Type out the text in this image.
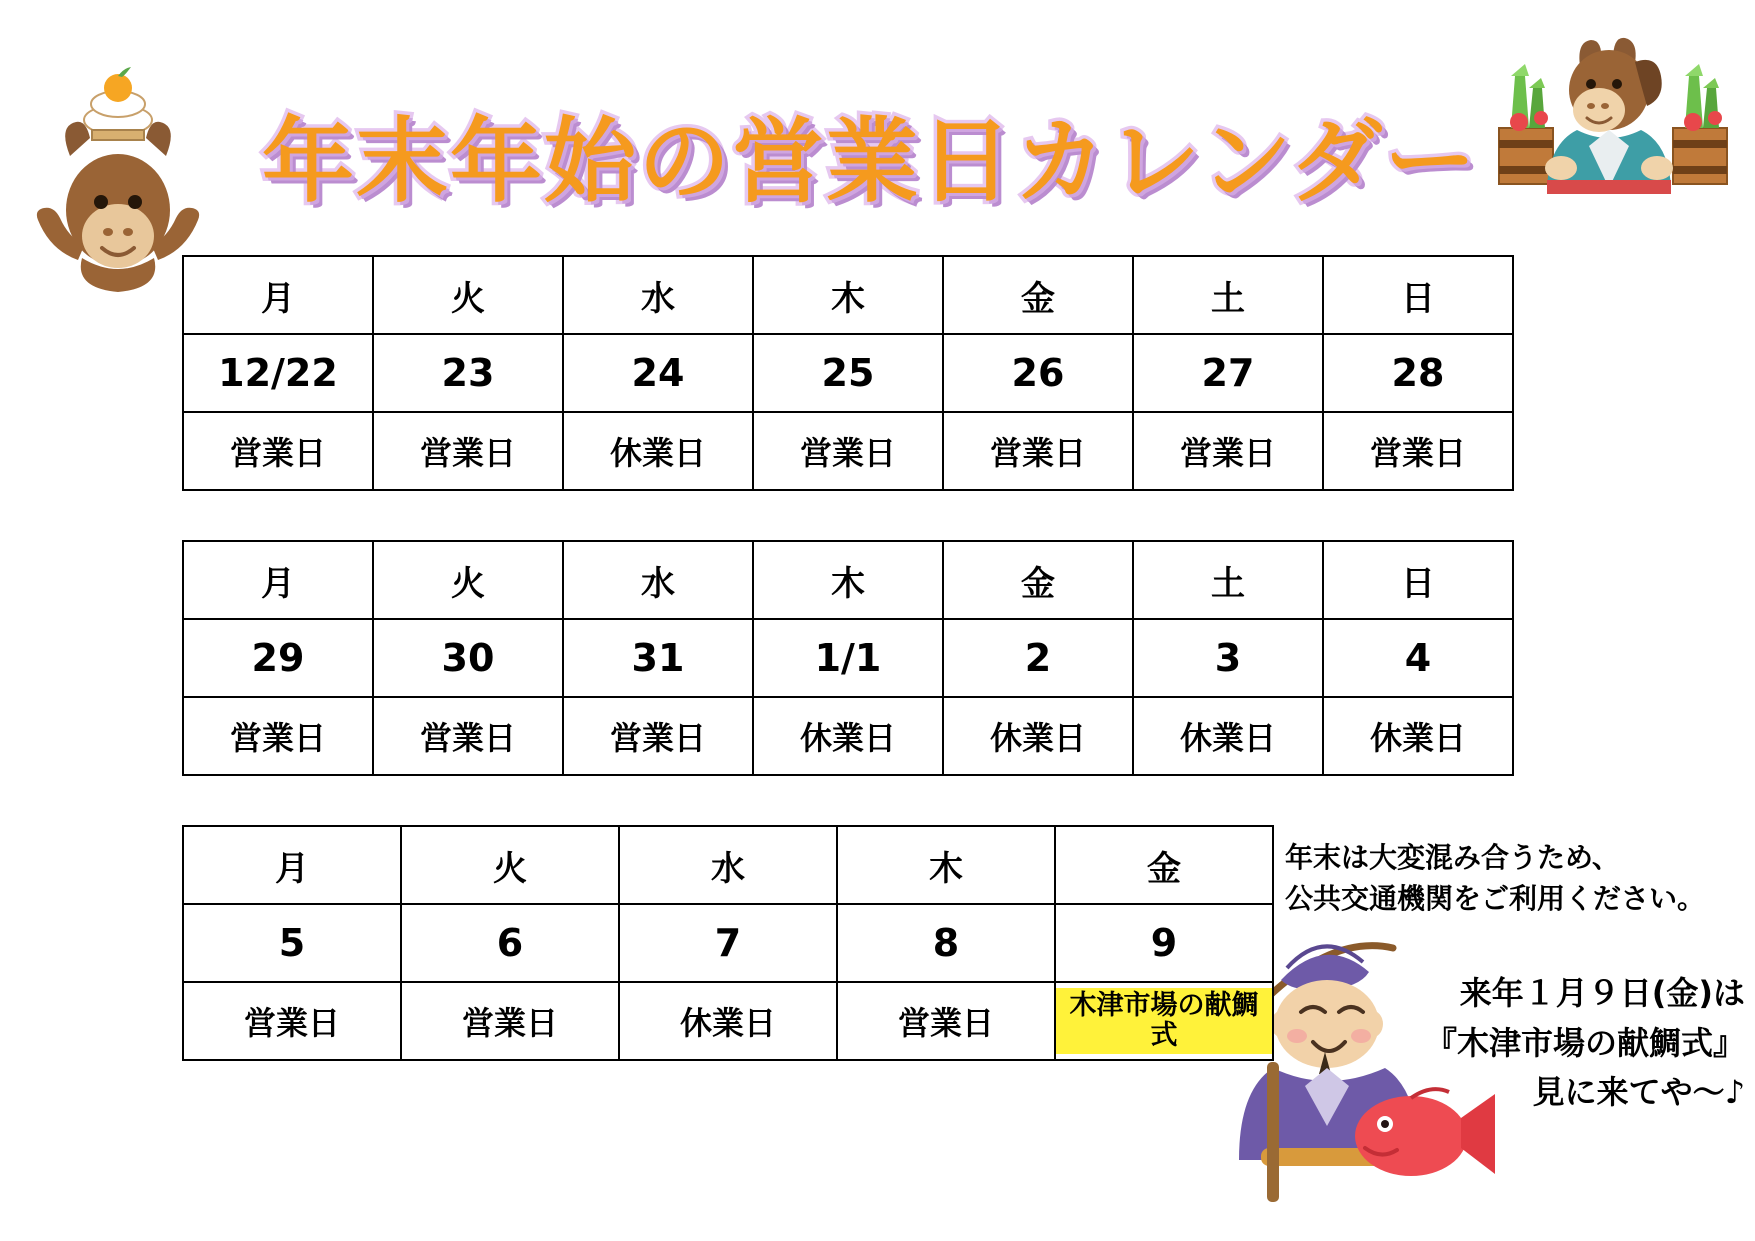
年末年始の営業日カレンダー
月	火	水	木	金	土	日
12/22	23	24	25	26	27	28
営業日	営業日	休業日	営業日	営業日	営業日	営業日
月	火	水	木	金	土	日
29	30	31	1/1	2	3	4
営業日	営業日	営業日	休業日	休業日	休業日	休業日
月	火	水	木	金
5	6	7	8	9
営業日	営業日	休業日	営業日	木津市場の献鯛式
年末は大変混み合うため、
公共交通機関をご利用ください。
来年１月９日(金)は
『木津市場の献鯛式』
見に来てや～♪
